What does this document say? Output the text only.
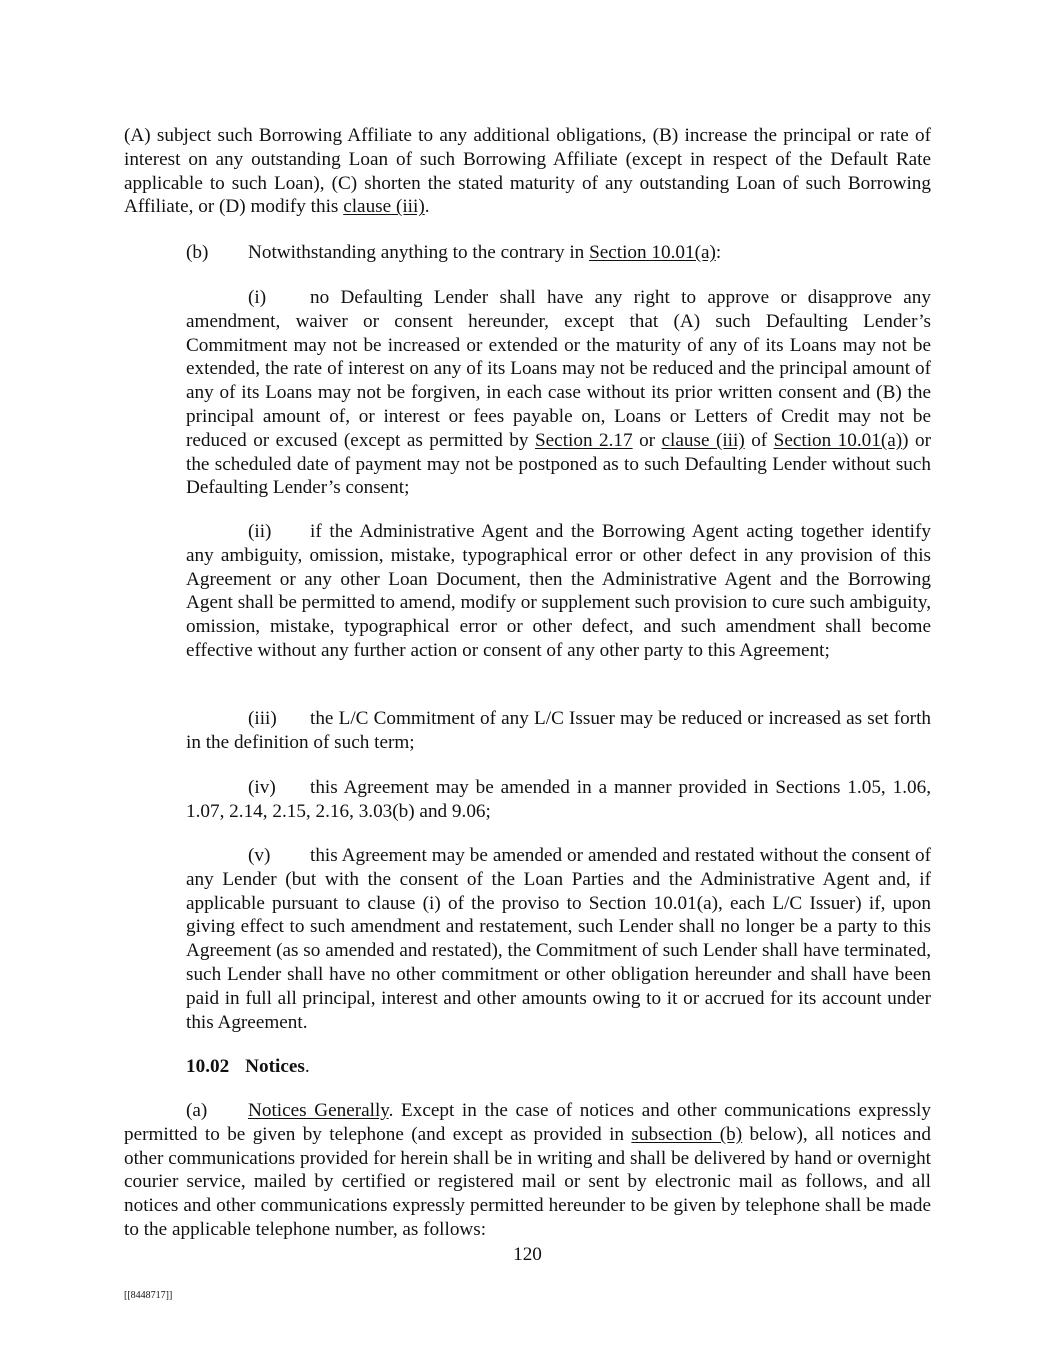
(A) subject such Borrowing Affiliate to any additional obligations, (B) increase the principal or rate of interest on any outstanding Loan of such Borrowing Affiliate (except in respect of the Default Rate applicable to such Loan), (C) shorten the stated maturity of any outstanding Loan of such Borrowing Affiliate, or (D) modify this clause (iii).
(b) Notwithstanding anything to the contrary in Section 10.01(a):
(i) no Defaulting Lender shall have any right to approve or disapprove any amendment, waiver or consent hereunder, except that (A) such Defaulting Lender’s Commitment may not be increased or extended or the maturity of any of its Loans may not be extended, the rate of interest on any of its Loans may not be reduced and the principal amount of any of its Loans may not be forgiven, in each case without its prior written consent and (B) the principal amount of, or interest or fees payable on, Loans or Letters of Credit may not be reduced or excused (except as permitted by Section 2.17 or clause (iii) of Section 10.01(a)) or the scheduled date of payment may not be postponed as to such Defaulting Lender without such Defaulting Lender’s consent;
(ii) if the Administrative Agent and the Borrowing Agent acting together identify any ambiguity, omission, mistake, typographical error or other defect in any provision of this Agreement or any other Loan Document, then the Administrative Agent and the Borrowing Agent shall be permitted to amend, modify or supplement such provision to cure such ambiguity, omission, mistake, typographical error or other defect, and such amendment shall become effective without any further action or consent of any other party to this Agreement;
(iii) the L/C Commitment of any L/C Issuer may be reduced or increased as set forth in the definition of such term;
(iv) this Agreement may be amended in a manner provided in Sections 1.05, 1.06, 1.07, 2.14, 2.15, 2.16, 3.03(b) and 9.06;
(v) this Agreement may be amended or amended and restated without the consent of any Lender (but with the consent of the Loan Parties and the Administrative Agent and, if applicable pursuant to clause (i) of the proviso to Section 10.01(a), each L/C Issuer) if, upon giving effect to such amendment and restatement, such Lender shall no longer be a party to this Agreement (as so amended and restated), the Commitment of such Lender shall have terminated, such Lender shall have no other commitment or other obligation hereunder and shall have been paid in full all principal, interest and other amounts owing to it or accrued for its account under this Agreement.
10.02 Notices.
(a) Notices Generally. Except in the case of notices and other communications expressly permitted to be given by telephone (and except as provided in subsection (b) below), all notices and other communications provided for herein shall be in writing and shall be delivered by hand or overnight courier service, mailed by certified or registered mail or sent by electronic mail as follows, and all notices and other communications expressly permitted hereunder to be given by telephone shall be made to the applicable telephone number, as follows:
120
[[8448717]]
